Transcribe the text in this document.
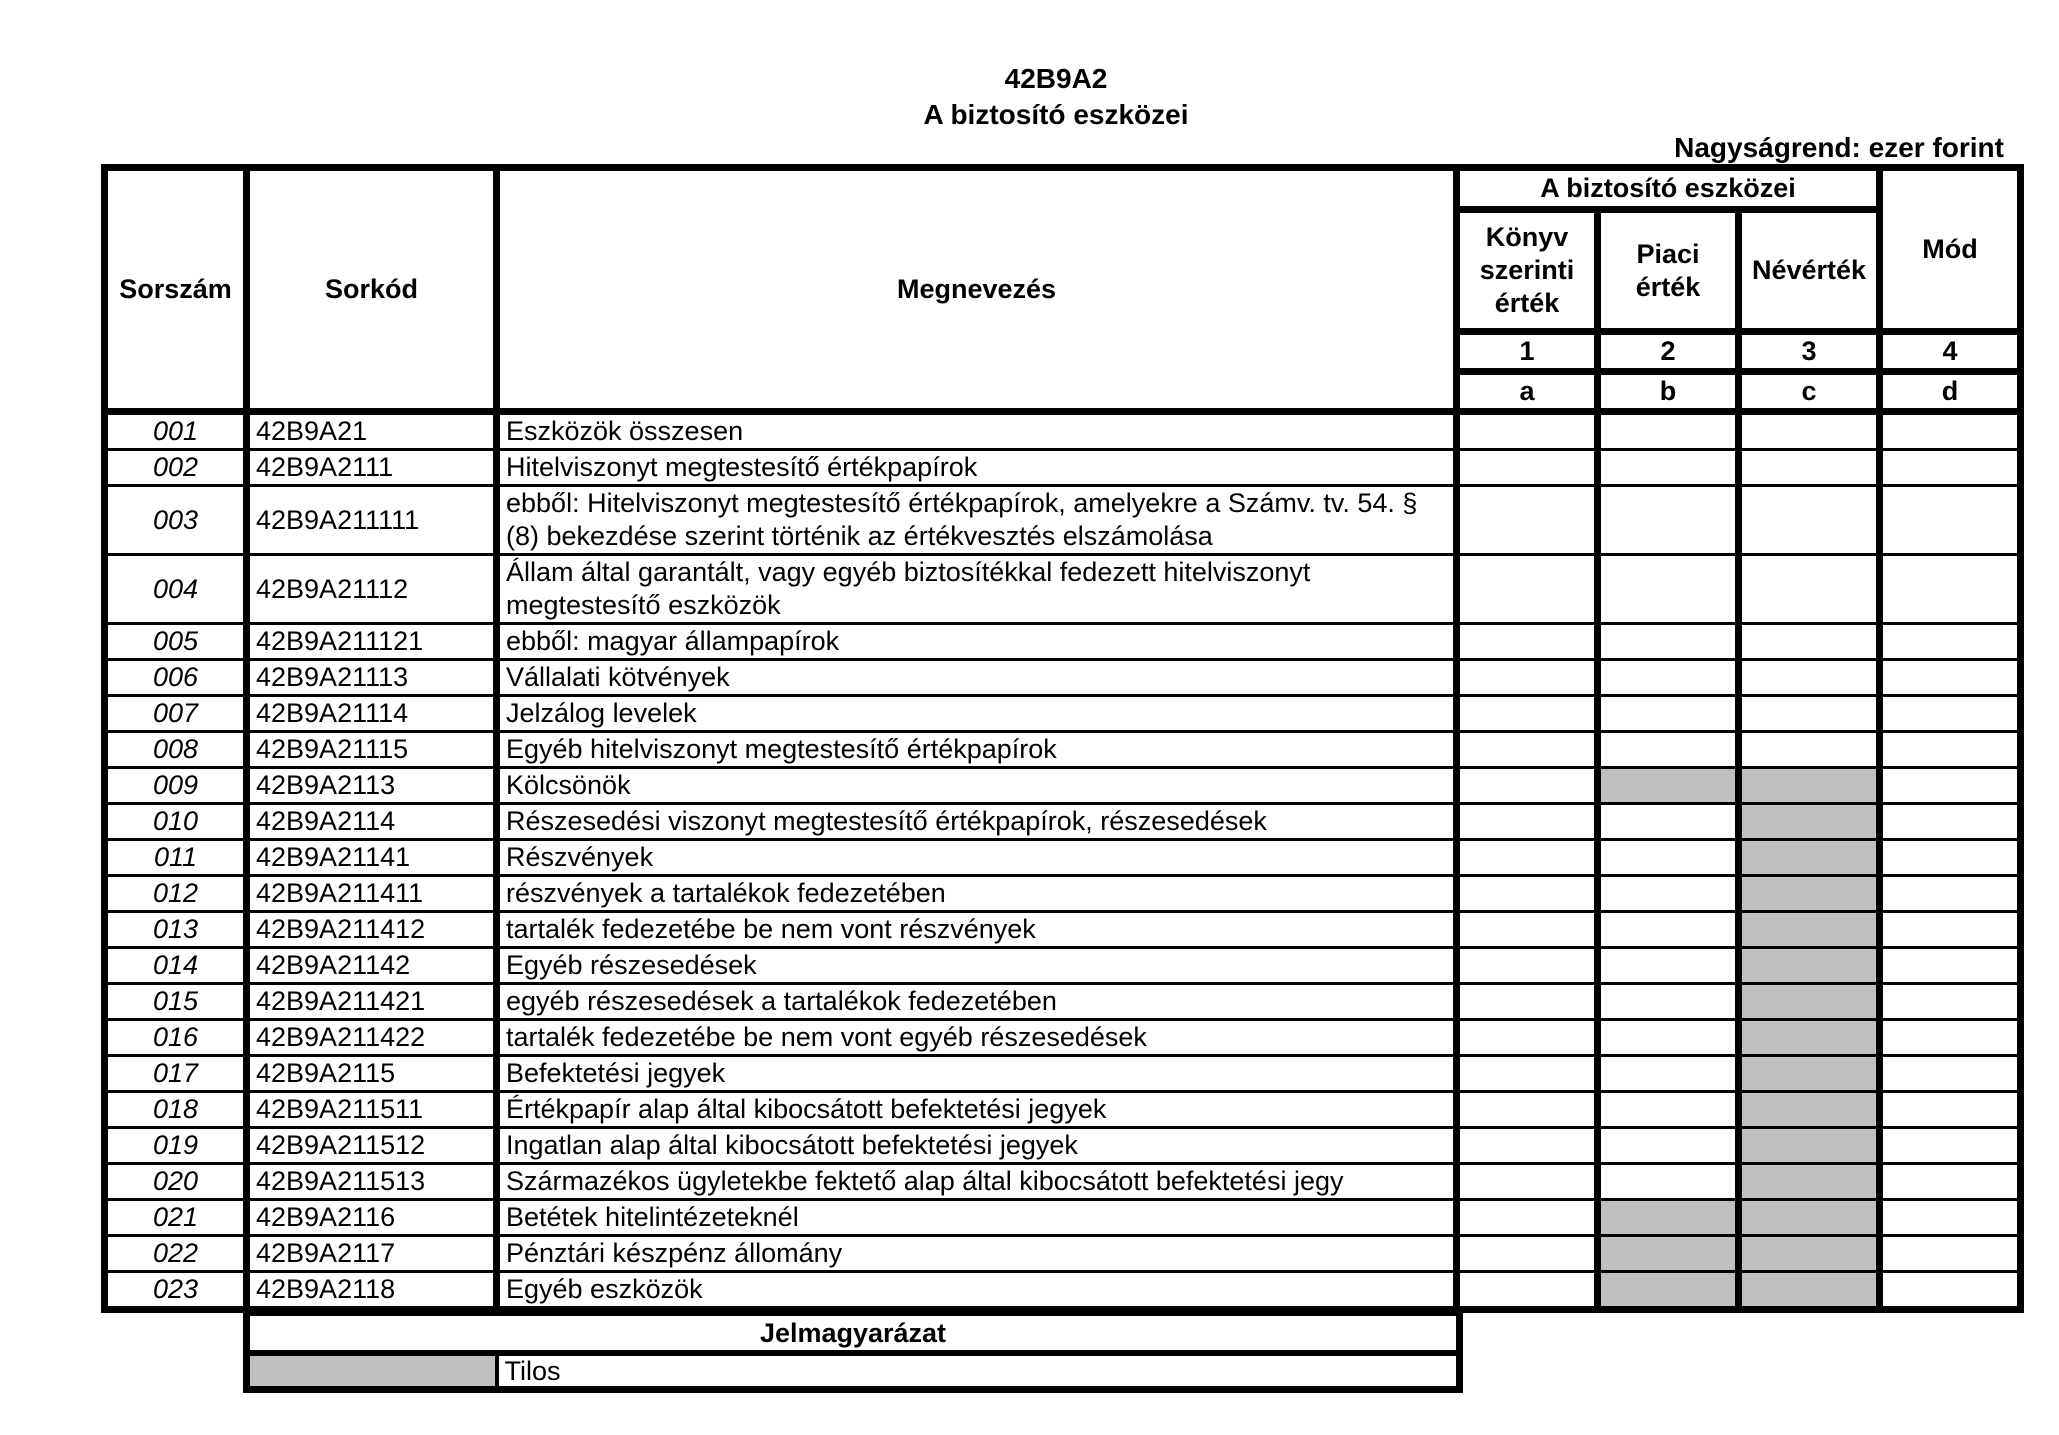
42B9A2
A biztosító eszközei
Nagyságrend: ezer forint
Sorszám	Sorkód	Megnevezés	A biztosító eszközei			Mód
			Könyv szerinti érték	Piaci érték	Névérték	
			1	2	3	4
			a	b	c	d
001	42B9A21	Eszközök összesen				
002	42B9A2111	Hitelviszonyt megtestesítő értékpapírok				
003	42B9A211111	ebből: Hitelviszonyt megtestesítő értékpapírok, amelyekre a Számv. tv. 54. § (8) bekezdése szerint történik az értékvesztés elszámolása				
004	42B9A21112	Állam által garantált, vagy egyéb biztosítékkal fedezett hitelviszonyt megtestesítő eszközök				
005	42B9A211121	ebből: magyar állampapírok				
006	42B9A21113	Vállalati kötvények				
007	42B9A21114	Jelzálog levelek				
008	42B9A21115	Egyéb hitelviszonyt megtestesítő értékpapírok				
009	42B9A2113	Kölcsönök				
010	42B9A2114	Részesedési viszonyt megtestesítő értékpapírok, részesedések				
011	42B9A21141	Részvények				
012	42B9A211411	részvények a tartalékok fedezetében				
013	42B9A211412	tartalék fedezetébe be nem vont részvények				
014	42B9A21142	Egyéb részesedések				
015	42B9A211421	egyéb részesedések a tartalékok fedezetében				
016	42B9A211422	tartalék fedezetébe be nem vont egyéb részesedések				
017	42B9A2115	Befektetési jegyek				
018	42B9A211511	Értékpapír alap által kibocsátott befektetési jegyek				
019	42B9A211512	Ingatlan alap által kibocsátott befektetési jegyek				
020	42B9A211513	Származékos ügyletekbe fektető alap által kibocsátott befektetési jegy				
021	42B9A2116	Betétek hitelintézeteknél				
022	42B9A2117	Pénztári készpénz állomány				
023	42B9A2118	Egyéb eszközök				
Jelmagyarázat
	Tilos
